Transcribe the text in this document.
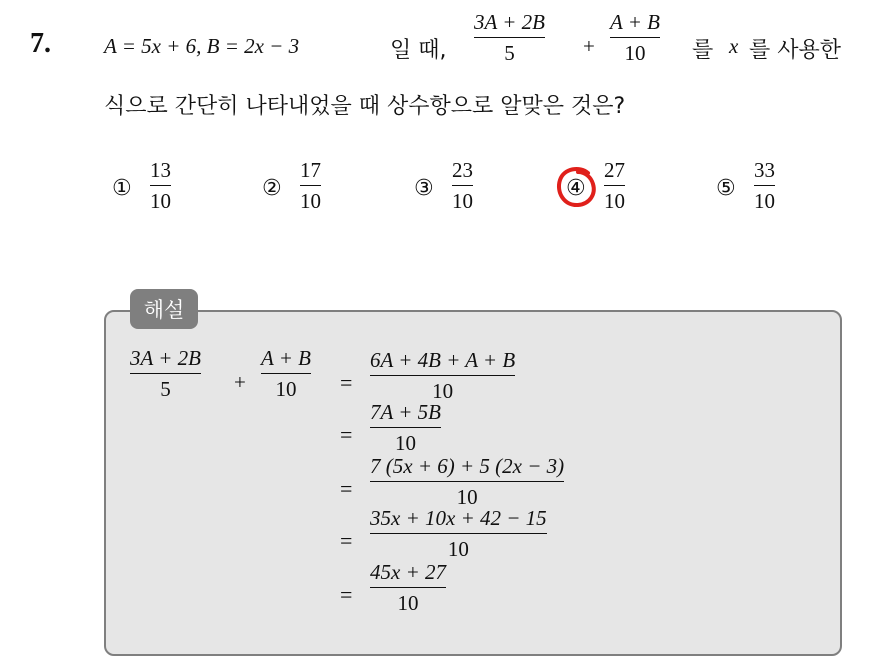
7.	A = 5x + 6, B = 2x − 3	일 때,
3A + 2B
5	+
A + B
10 를 x 를 사용한
식으로 간단히 나타내었을 때 상수항으로 알맞은 것은?
①
13
10
②
17
10
③
23
10
④
27
10
⑤
33
10
해설
3A + 2B
5	+
A + B
10 =
6A + 4B + A + B
10
=
7A + 5B
10
=
7 (5x + 6) + 5 (2x − 3)
10
=
35x + 10x + 42 − 15
10
=
45x + 27
10
